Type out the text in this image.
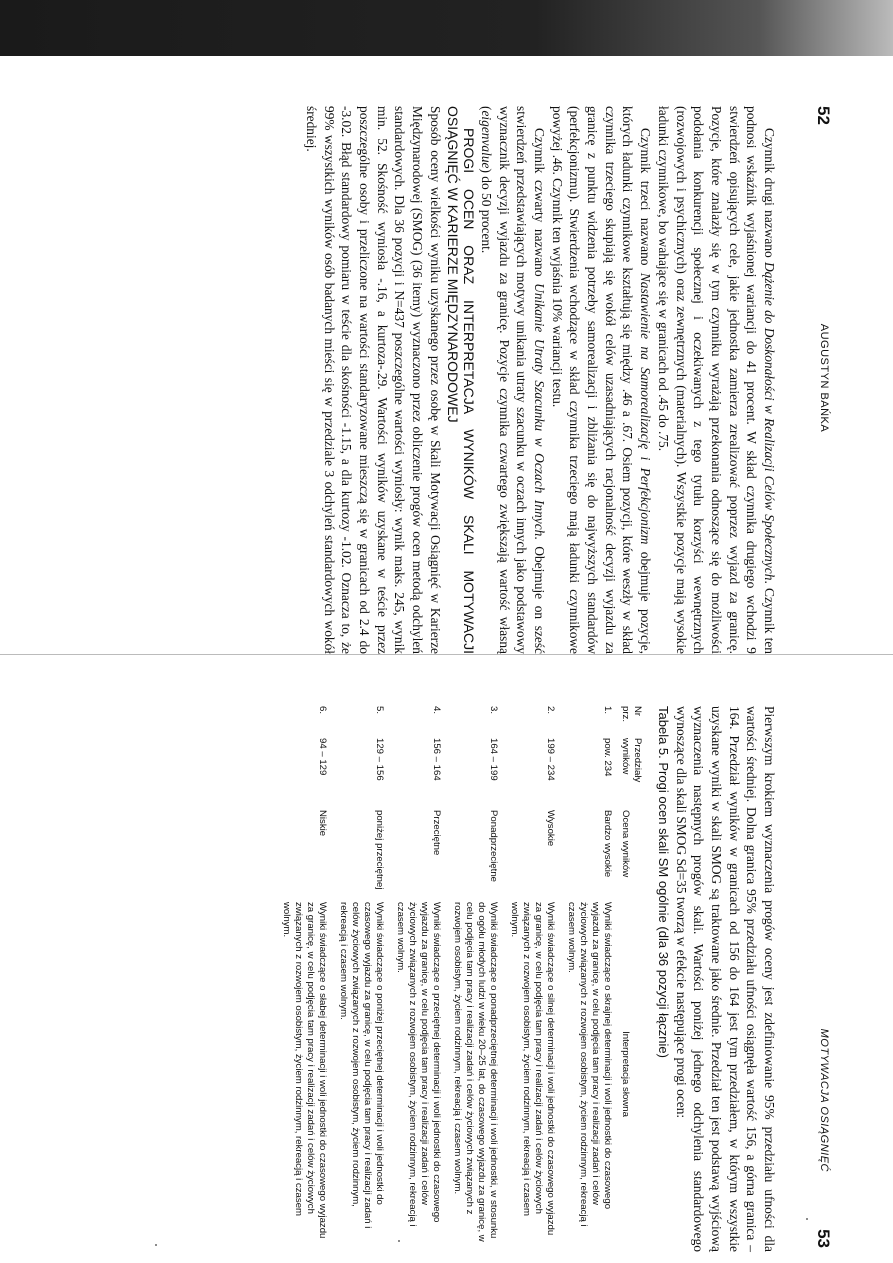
52
AUGUSTYN BAŃKA

Czynnik drugi nazwano Dążenie do Doskonałości w Realizacji Celów Społecznych. Czynnik ten podnosi wskaźnik wyjaśnionej wariancji do 41 procent. W skład czynnika drugiego wchodzi 9 stwierdzeń opisujących cele, jakie jednostka zamierza zrealizować poprzez wyjazd za granicę. Pozycje, które znalazły się w tym czynniku wyrażają przekonania odnoszące się do możliwości podołania konkurencji społecznej i oczekiwanych z tego tytułu korzyści wewnętrznych (rozwojowych i psychicznych) oraz zewnętrznych (materialnych). Wszystkie pozycje mają wysokie ładunki czynnikowe, bo wahające się w granicach od .45 do .75.

Czynnik trzeci nazwano Nastawienie na Samorealizację i Perfekcjonizm obejmuje pozycje, których ładunki czynnikowe kształtują się między .46 a .67. Osiem pozycji, które weszły w skład czynnika trzeciego skupiają się wokół celów uzasadniających racjonalność decyzji wyjazdu za granicę z punktu widzenia potrzeby samorealizacji i zbliżania się do najwyższych standardów (perfekcjonizmu). Stwierdzenia wchodzące w skład czynnika trzeciego mają ładunki czynnikowe powyżej .46. Czynnik ten wyjaśnia 10% wariancji testu.

Czynnik czwarty nazwano Unikanie Utraty Szacunku w Oczach Innych. Obejmuje on sześć stwierdzeń przedstawiających motywy unikania utraty szacunku w oczach innych jako podstawowy wyznacznik decyzji wyjazdu za granicę. Pozycje czynnika czwartego zwiększają wartość własną (eigenvalue) do 50 procent.

PROGI OCEN ORAZ INTERPRETACJA WYNIKÓW SKALI MOTYWACJI OSIĄGNIĘĆ W KARIERZE MIĘDZYNARODOWEJ

Sposób oceny wielkości wyniku uzyskanego przez osobę w Skali Motywacji Osiągnięć w Karierze Międzynarodowej (SMOG) (36 itemy) wyznaczono przez obliczenie progów ocen metodą odchyleń standardowych. Dla 36 pozycji i N=437 poszczególne wartości wyniosły: wynik maks. 245, wynik min. 52. Skośność wyniosła -.16, a kurtoza-.29. Wartości wyników uzyskane w teście przez poszczególne osoby i przeliczone na wartości standaryzowane mieszczą się w granicach od 2.4 do -3.02. Błąd standardowy pomiaru w teście dla skośności -1.15, a dla kurtozy -1.02. Oznacza to, że 99% wszystkich wyników osób badanych mieści się w przedziale 3 odchyleń standardowych wokół średniej.

MOTYWACJA OSIĄGNIĘĆ
53

Pierwszym krokiem wyznaczenia progów oceny jest zdefiniowanie 95% przedziału ufności dla wartości średniej. Dolna granica 95% przedziału ufności osiągnęła wartość 156, a górna granica – 164. Przedział wyników w granicach od 156 do 164 jest tym przedziałem, w którym wszystkie uzyskane wyniki w skali SMOG są traktowane jako średnie. Przedział ten jest podstawą wyjściową wyznaczenia następnych progów skali. Wartości poniżej jednego odchylenia standardowego wynoszące dla skali SMOG Sd=35 tworzą w efekcie następujące progi ocen:

Tabela 5. Progi ocen skali SM ogólnie (dla 36 pozycji łącznie)
Nr prz.	Przedziały wyników	Ocena wyników	Interpretacja słowna
1.	pow. 234	Bardzo wysokie	Wyniki świadczące o skrajnej determinacji i woli jednostki do czasowego wyjazdu za granicę, w celu podjęcia tam pracy i realizacji zadań i celów życiowych związanych z rozwojem osobistym, życiem rodzinnym, rekreacją i czasem wolnym.
2.	199 – 234	Wysokie	Wyniki świadczące o silnej determinacji i woli jednostki do czasowego wyjazdu za granicę, w celu podjęcia tam pracy i realizacji zadań i celów życiowych związanych z rozwojem osobistym, życiem rodzinnym, rekreacją i czasem wolnym.
3.	164 – 199	Ponadprzeciętne	Wyniki świadczące o ponadprzeciętnej determinacji i woli jednostki, w stosunku do ogółu młodych ludzi w wieku 20–25 lat, do czasowego wyjazdu za granicę, w celu podjęcia tam pracy i realizacji zadań i celów życiowych związanych z rozwojem osobistym, życiem rodzinnym, rekreacją i czasem wolnym.
4.	156 – 164	Przeciętne	Wyniki świadczące o przeciętnej determinacji i woli jednostki do czasowego wyjazdu za granicę, w celu podjęcia tam pracy i realizacji zadań i celów życiowych związanych z rozwojem osobistym, życiem rodzinnym, rekreacją i czasem wolnym.
5.	129 – 156	poniżej przeciętnej	Wyniki świadczące o poniżej przeciętnej determinacji i woli jednostki do czasowego wyjazdu za granicę, w celu podjęcia tam pracy i realizacji zadań i celów życiowych związanych z rozwojem osobistym, życiem rodzinnym, rekreacją i czasem wolnym.
6.	94 – 129	Niskie	Wyniki świadczące o słabej determinacji i woli jednostki do czasowego wyjazdu za granicę, w celu podjęcia tam pracy i realizacji zadań i celów życiowych związanych z rozwojem osobistym, życiem rodzinnym, rekreacją i czasem wolnym.
